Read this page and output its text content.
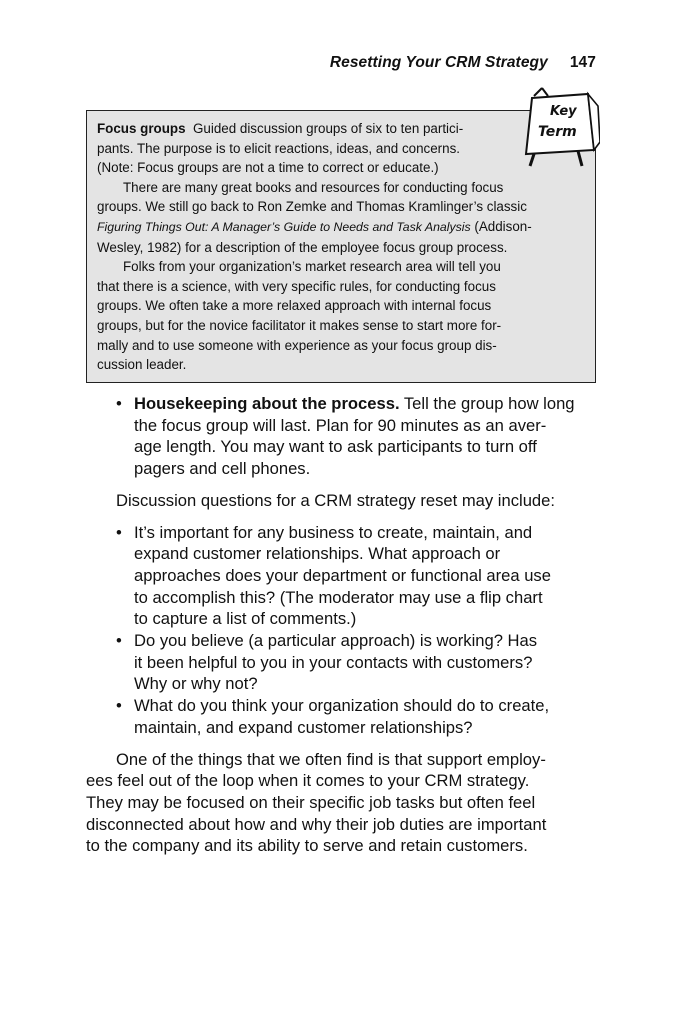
Resetting Your CRM Strategy 147
Focus groups Guided discussion groups of six to ten partici-
pants. The purpose is to elicit reactions, ideas, and concerns.
(Note: Focus groups are not a time to correct or educate.)
There are many great books and resources for conducting focus
groups. We still go back to Ron Zemke and Thomas Kramlinger’s classic
Figuring Things Out: A Manager’s Guide to Needs and Task Analysis (Addison-
Wesley, 1982) for a description of the employee focus group process.
Folks from your organization’s market research area will tell you
that there is a science, with very specific rules, for conducting focus
groups. We often take a more relaxed approach with internal focus
groups, but for the novice facilitator it makes sense to start more for-
mally and to use someone with experience as your focus group dis-
cussion leader.
Key
Term
• Housekeeping about the process. Tell the group how long
the focus group will last. Plan for 90 minutes as an aver-
age length. You may want to ask participants to turn off
pagers and cell phones.
Discussion questions for a CRM strategy reset may include:
• It’s important for any business to create, maintain, and
expand customer relationships. What approach or
approaches does your department or functional area use
to accomplish this? (The moderator may use a flip chart
to capture a list of comments.)
• Do you believe (a particular approach) is working? Has
it been helpful to you in your contacts with customers?
Why or why not?
• What do you think your organization should do to create,
maintain, and expand customer relationships?
One of the things that we often find is that support employ-
ees feel out of the loop when it comes to your CRM strategy.
They may be focused on their specific job tasks but often feel
disconnected about how and why their job duties are important
to the company and its ability to serve and retain customers.
